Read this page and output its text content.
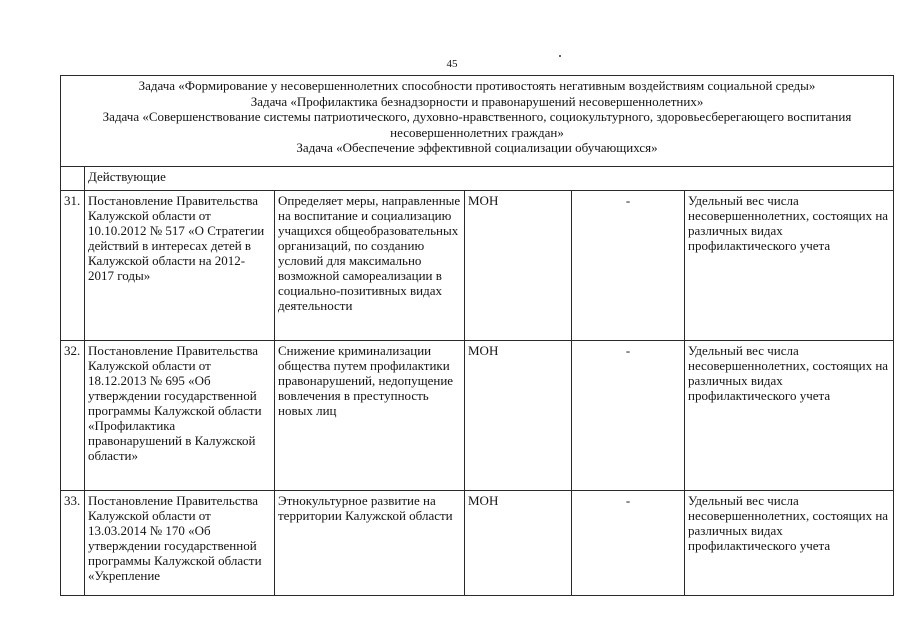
45
Задача «Формирование у несовершеннолетних способности противостоять негативным воздействиям социальной среды»
Задача «Профилактика безнадзорности и правонарушений несовершеннолетних»
Задача «Совершенствование системы патриотического, духовно-нравственного, социокультурного, здоровьесберегающего воспитания несовершеннолетних граждан»
Задача «Обеспечение эффективной социализации обучающихся»					

	Действующие				
31.	Постановление Правительства Калужской области от 10.10.2012 № 517 «О Стратегии действий в интересах детей в Калужской области на 2012-2017 годы»	Определяет меры, направленные на воспитание и социализацию учащихся общеобразовательных организаций, по созданию условий для максимально возможной самореализации в социально-позитивных видах деятельности	МОН	-	Удельный вес числа несовершеннолетних, состоящих на различных видах профилактического учета
32.	Постановление Правительства Калужской области от 18.12.2013 № 695 «Об утверждении государственной программы Калужской области «Профилактика правонарушений в Калужской области»	Снижение криминализации общества путем профилактики правонарушений, недопущение вовлечения в преступность новых лиц	МОН	-	Удельный вес числа несовершеннолетних, состоящих на различных видах профилактического учета
33.	Постановление Правительства Калужской области от 13.03.2014 № 170 «Об утверждении государственной программы Калужской области «Укрепление	Этнокультурное развитие на территории Калужской области	МОН	-	Удельный вес числа несовершеннолетних, состоящих на различных видах профилактического учета
